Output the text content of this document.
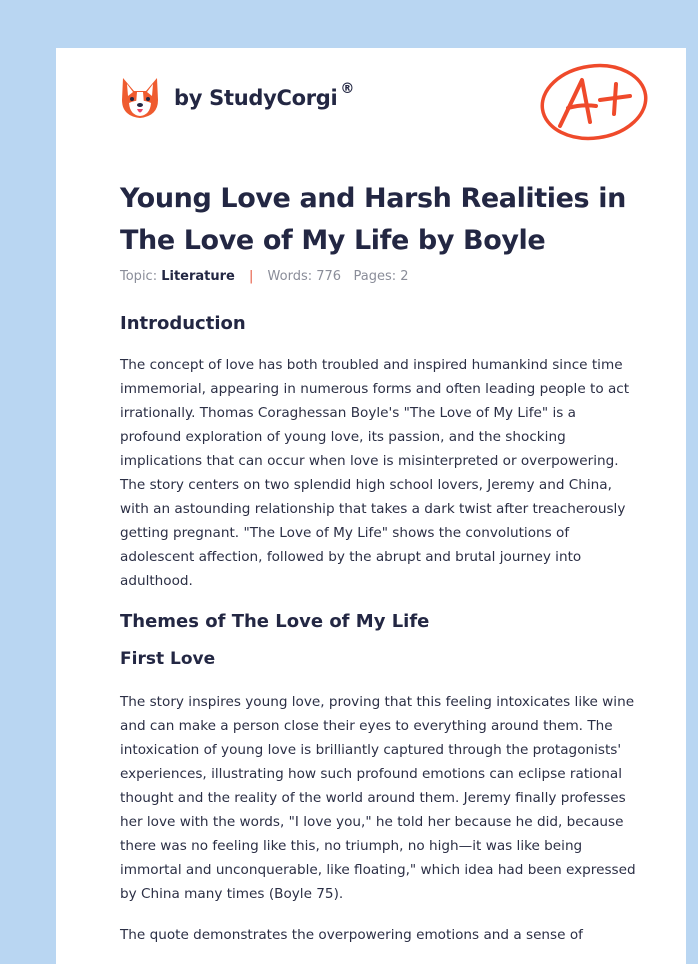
by StudyCorgi ®
Young Love and Harsh Realities in The Love of My Life by Boyle
Topic: Literature | Words: 776 Pages: 2
Introduction

The concept of love has both troubled and inspired humankind since time immemorial, appearing in numerous forms and often leading people to act irrationally. Thomas Coraghessan Boyle's "The Love of My Life" is a profound exploration of young love, its passion, and the shocking implications that can occur when love is misinterpreted or overpowering. The story centers on two splendid high school lovers, Jeremy and China, with an astounding relationship that takes a dark twist after treacherously getting pregnant. "The Love of My Life" shows the convolutions of adolescent affection, followed by the abrupt and brutal journey into adulthood.

Themes of The Love of My Life
First Love

The story inspires young love, proving that this feeling intoxicates like wine and can make a person close their eyes to everything around them. The intoxication of young love is brilliantly captured through the protagonists' experiences, illustrating how such profound emotions can eclipse rational thought and the reality of the world around them. Jeremy finally professes her love with the words, "I love you," he told her because he did, because there was no feeling like this, no triumph, no high—it was like being immortal and unconquerable, like floating," which idea had been expressed by China many times (Boyle 75).

The quote demonstrates the overpowering emotions and a sense of
